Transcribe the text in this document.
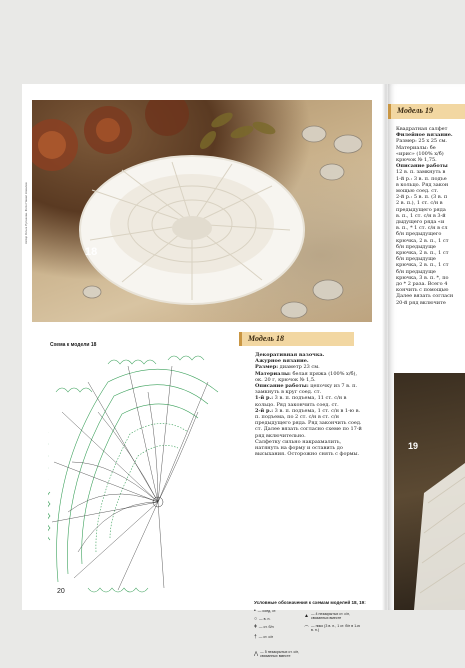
Автор Ольга Русакова. Фото Павел Ковалев
18
Схема к модели 18
Модель 18

Декоративная вазочка.

Ажурное вязание.

Размер: диаметр 23 см.

Материалы: белая пряжа (100% х/б), ок. 20 г, крючок № 1,5.

Описание работы: цепочку из 7 в. п. замкнуть в круг соед. ст.

1-й р.: 3 в. п. подъема, 11 ст. с/н в кольцо. Ряд закончить соед. ст.

2-й р.: 3 в. п. подъема, 1 ст. с/н в 1-ю в. п. подъема, по 2 ст. с/н в ст. с/н предыдущего ряда. Ряд закончить соед. ст. Далее вязать согласно схеме по 17-й ряд включительно.

Салфетку сильно накрахмалить, натянуть на форму и оставить до высыхания. Осторожно снять с формы.

Условные обозначения к схемам моделей 18, 19:
• — соед. ст.
○ — в. п.
ǂ — ст. б/н
† — ст. с/н
⋀ — 5 незакрытых ст. с/н, связанных вместе
▲ — 4 незакрытых ст. с/н, связанных вместе
⌒ — пико (3 в. п., 1 ст. б/н в 1-ю в. п.)
20
Модель 19

Квадратная салфет

Филейное вязание.

Размер: 25 x 25 см.

Материалы: бе

«ирис» (100% х/б)

крючок № 1,75.

Описание работы

12 в. п. замкнуть в

1-й р.: 3 в. п. подъе

в кольцо. Ряд закон

мощью соед. ст.

2-й р.: 5 в. п. (3 в. п

2 в. п.), 1 ст. с/н в

предыдущего ряда

в. п., 1 ст. с/н в 3-й

дыдущего ряда «и

в. п., * 1 ст. с/н в сл

б/н предыдущего

крючка, 2 в. п., 1 ст

б/н предыдуще

крючка, 2 в. п., 1 ст

б/н предыдуще

крючка, 2 в. п., 1 ст

б/н предыдуще

крючка, 3 в. п. *, по

до * 2 раза. Всего 4

кончить с помощью

Далее вязать согласн

20-й ряд включите

19
